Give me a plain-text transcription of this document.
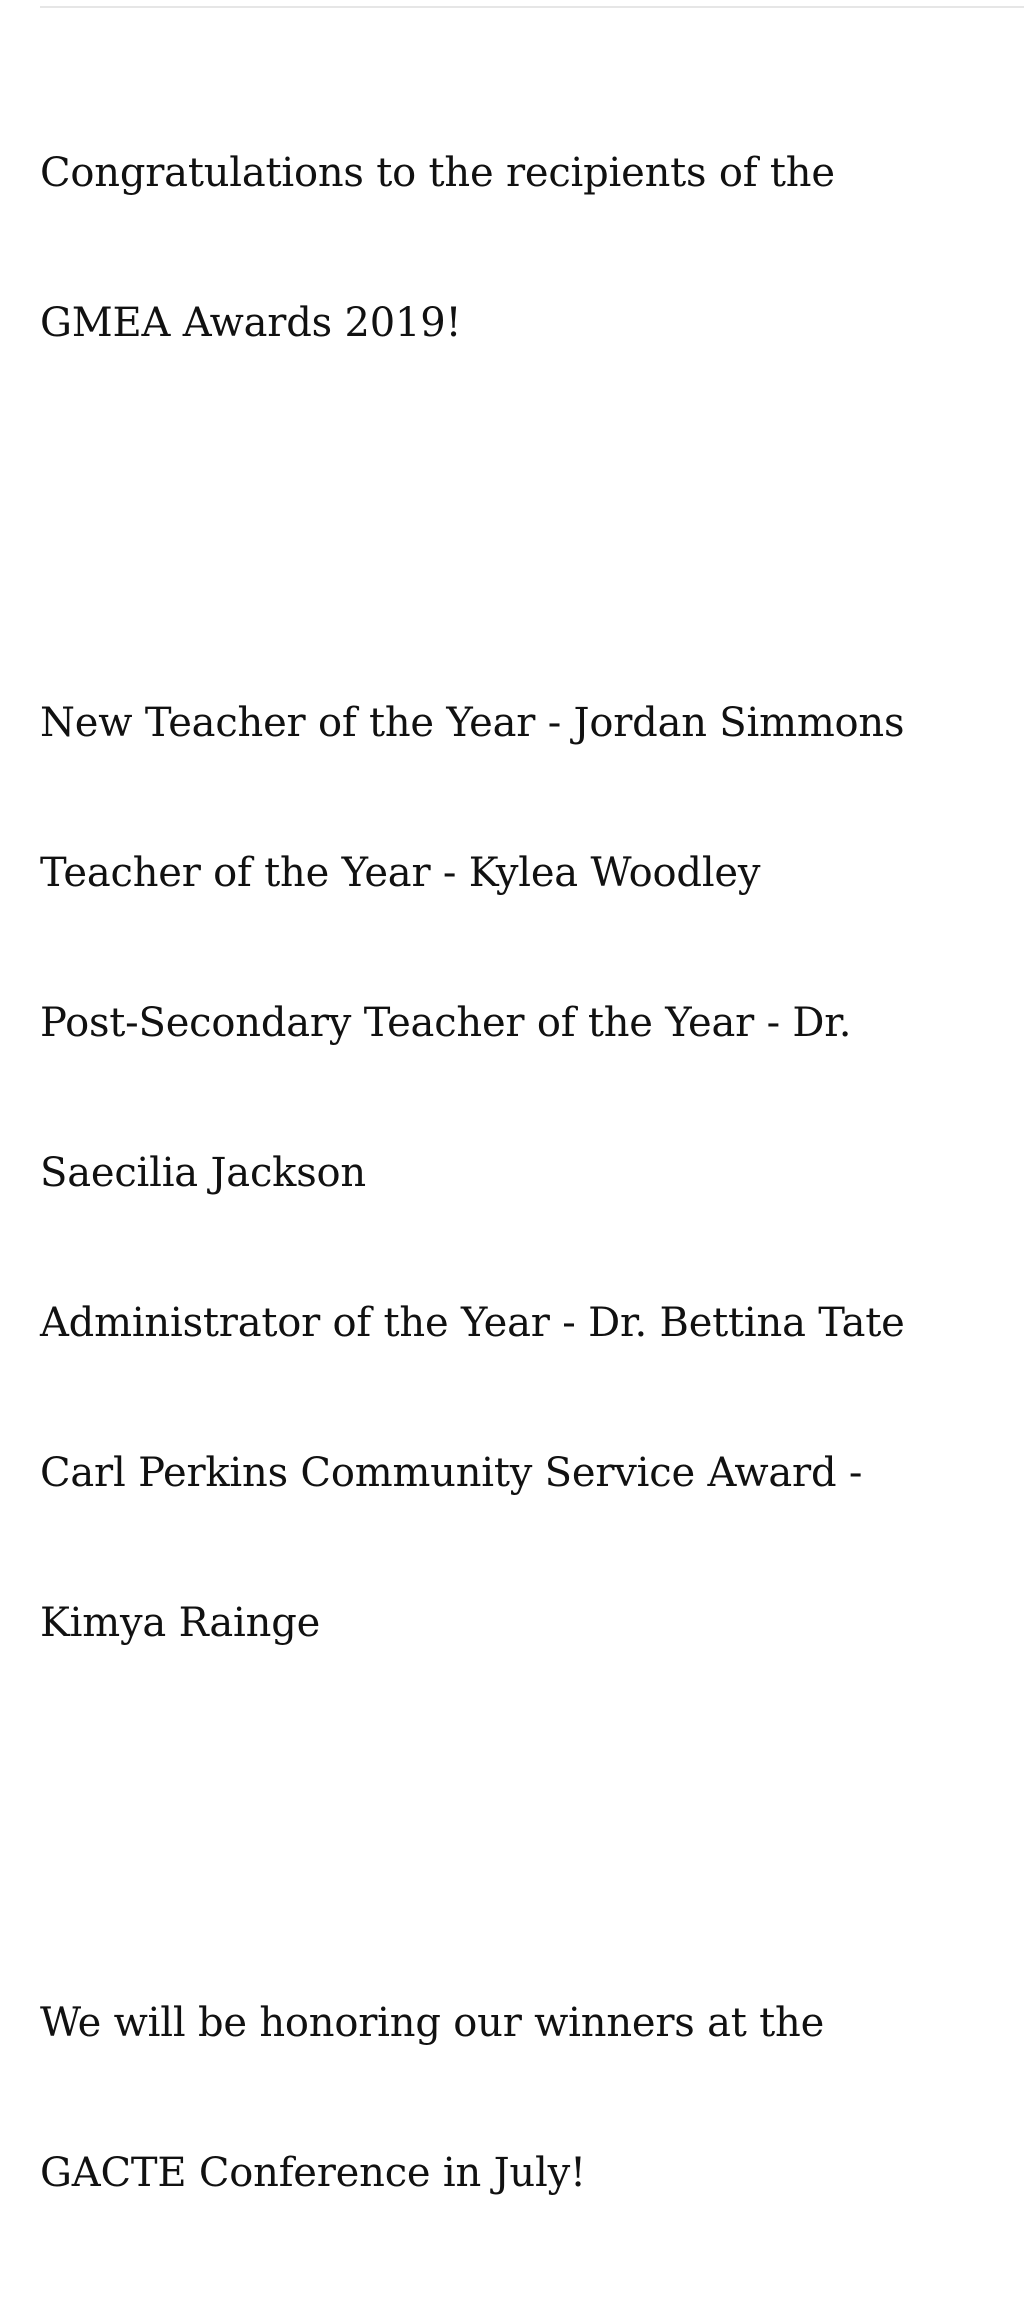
Congratulations to the recipients of the

GMEA Awards 2019!

New Teacher of the Year - Jordan Simmons

Teacher of the Year - Kylea Woodley

Post-Secondary Teacher of the Year - Dr.

Saecilia Jackson

Administrator of the Year - Dr. Bettina Tate

Carl Perkins Community Service Award -

Kimya Rainge

We will be honoring our winners at the

GACTE Conference in July!
